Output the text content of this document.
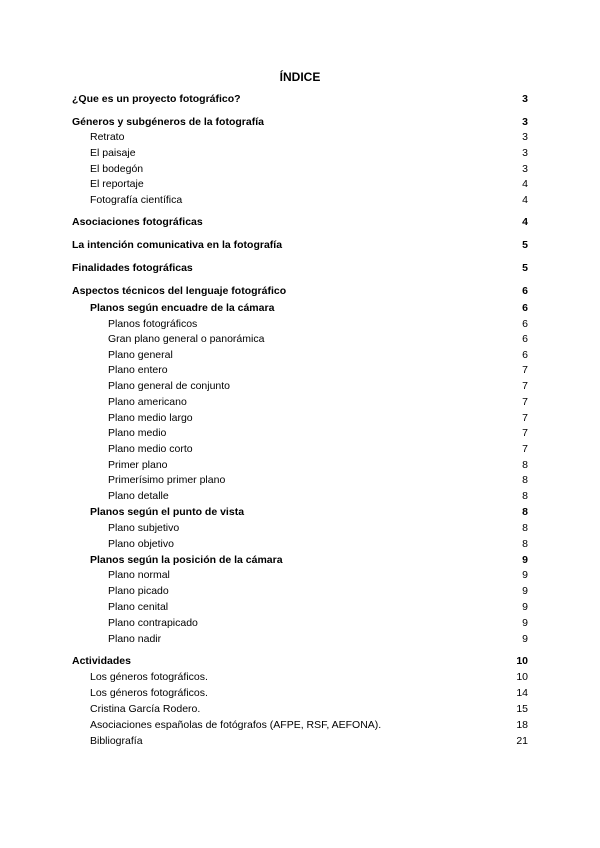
ÍNDICE
¿Que es un proyecto fotográfico?	3
Géneros y subgéneros de la fotografía	3
Retrato	3
El paisaje	3
El bodegón	3
El reportaje	4
Fotografía científica	4
Asociaciones fotográficas	4
La intención comunicativa en la fotografía	5
Finalidades fotográficas	5
Aspectos técnicos del lenguaje fotográfico	6
Planos según encuadre de la cámara	6
Planos fotográficos	6
Gran plano general o panorámica	6
Plano general	6
Plano entero	7
Plano general de conjunto	7
Plano americano	7
Plano medio largo	7
Plano medio	7
Plano medio corto	7
Primer plano	8
Primerísimo primer plano	8
Plano detalle	8
Planos según el punto de vista	8
Plano subjetivo	8
Plano objetivo	8
Planos según la posición de la cámara	9
Plano normal	9
Plano picado	9
Plano cenital	9
Plano contrapicado	9
Plano nadir	9
Actividades	10
Los géneros fotográficos.	10
Los géneros fotográficos.	14
Cristina García Rodero.	15
Asociaciones españolas de fotógrafos (AFPE, RSF, AEFONA).	18
Bibliografía	21
